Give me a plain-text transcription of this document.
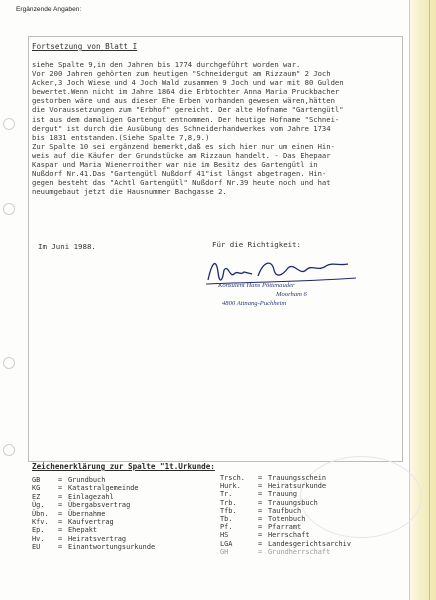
Ergänzende Angaben:
Fortsetzung von Blatt I
siehe Spalte 9,in den Jahren bis 1774 durchgeführt worden war.
Vor 200 Jahren gehörten zum heutigen "Schneidergut am Rizzaum" 2 Joch
Acker,3 Joch Wiese und 4 Joch Wald zusammen 9 Joch und war mit 80 Gulden
bewertet.Wenn nicht im Jahre 1864 die Erbtochter Anna Maria Pruckbacher
gestorben wäre und aus dieser Ehe Erben vorhanden gewesen wären,hätten
die Voraussetzungen zum "Erbhof" gereicht. Der alte Hofname "Gartengütl"
ist aus dem damaligen Gartengut entnommen. Der heutige Hofname "Schnei-
dergut" ist durch die Ausübung des Schneiderhandwerkes vom Jahre 1734
bis 1831 entstanden.(Siehe Spalte 7,8,9.)
Zur Spalte 10 sei ergänzend bemerkt,daß es sich hier nur um einen Hin-
weis auf die Käufer der Grundstücke am Rizzaun handelt. - Das Ehepaar
Kaspar und Maria Wienerroither war nie im Besitz des Gartengütl in
Nußdorf Nr.41.Das "Gartengütl Nußdorf 41"ist längst abgetragen. Hin-
gegen besteht das "Achtl Gartengütl" Nußdorf Nr.39 heute noch und hat
neuumgebaut jetzt die Hausnummer Bachgasse 2.
Im Juni 1988.	Für die Richtigkeit:
Konsulent Hans Pöttenauder
Moorham 6
4800 Attnang-Puchheim
Zeichenerklärung zur Spalte "1t.Urkunde:
GB	= Grundbuch
KG	= Katastralgemeinde
EZ	= Einlagezahl
Üg.	= Übergabsvertrag
Übn.	= Übernahme
Kfv.	= Kaufvertrag
Ep.	= Ehepakt
Hv.	= Heiratsvertrag
EU	= Einantwortungsurkunde
Trsch.	= Trauungsschein
Hurk.	= Heiratsurkunde
Tr.	= Trauung
Trb.	= Trauungsbuch
Tfb.	= Taufbuch
Tb.	= Totenbuch
Pf.	= Pfarramt
HS	= Herrschaft
LGA	= Landesgerichtsarchiv
GH	= Grundherrschaft
